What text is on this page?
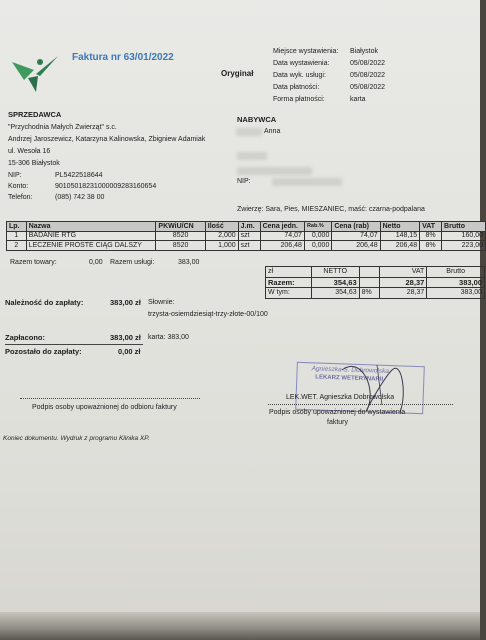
Faktura nr 63/01/2022
Oryginał
Miejsce wystawienia: Białystok
Data wystawienia:	05/08/2022
Data wyk. usługi:	05/08/2022
Data płatności:	05/08/2022
Forma płatności:	karta
SPRZEDAWCA
"Przychodnia Małych Zwierząt" s.c.
Andrzej Jaroszewicz, Katarzyna Kalinowska, Zbigniew Adamiak
ul. Wesoła 16
15-306 Białystok
NIP:	PL5422518644
Konto:	90105018231000009283160654
Telefon:	(085) 742 38 00
NABYWCA
Anna
NIP:
Zwierzę: Sara, Pies, MIESZANIEC, maść: czarna-podpalana
Lp.	Nazwa	PKWiU/CN	Ilość	J.m.	Cena jedn.	Rab.%	Cena (rab)	Netto	VAT	Brutto
1	BADANIE RTG	8520	2,000	szt	74,07	0,000	74,07	148,15	8%	160,00
2	LECZENIE PROSTE CIĄG DALSZY	8520	1,000	szt	206,48	0,000	206,48	206,48	8%	223,00
Razem towary:	0,00 Razem usługi:	383,00
zł	NETTO		VAT	Brutto
Razem:	354,63		28,37	383,00
W tym:	354,63	8%	28,37	383,00
Należność do zapłaty:	383,00 zł Słownie:
trzysta-osiemdziesiąt-trzy-złote-00/100
Zapłacono:	383,00 zł karta: 383,00
Pozostało do zapłaty:	0,00 zł
Agnieszka S. Dobrowolska
LEKARZ WETERYNARII
Podpis osoby upoważnionej do odbioru faktury
LEK.WET. Agnieszka Dobrowolska
Podpis osoby upoważnionej do wystawienia
faktury
Koniec dokumentu. Wydruk z programu Klinika XP.
